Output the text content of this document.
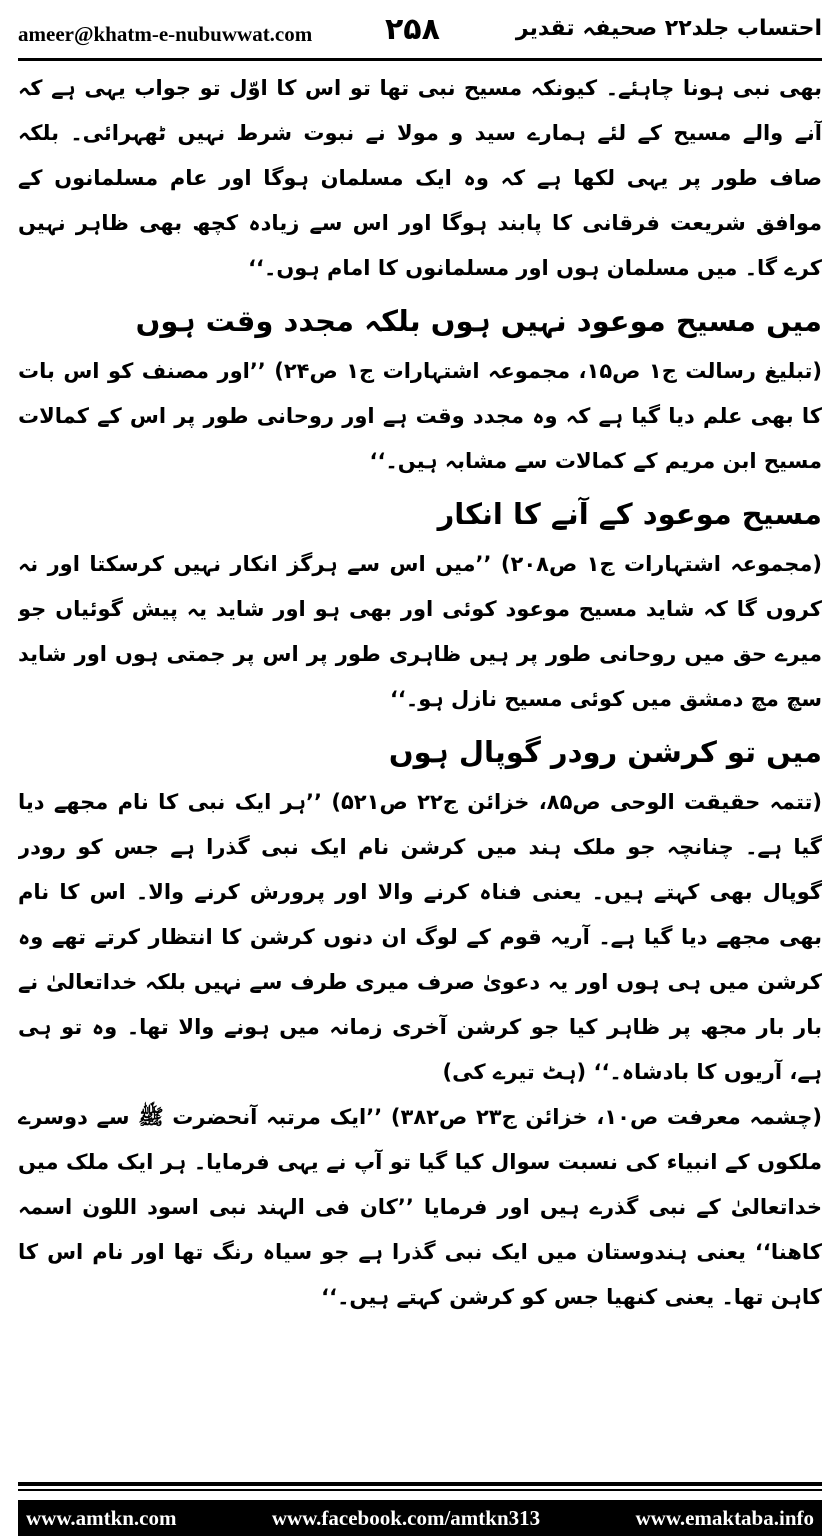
ameer@khatm-e-nubuwwat.com ۲۵۸	احتساب جلد۲۲ صحیفہ تقدیر

بھی نبی ہونا چاہئے۔ کیونکہ مسیح نبی تھا تو اس کا اوّل تو جواب یہی ہے کہ آنے والے مسیح کے لئے ہمارے سید و مولا نے نبوت شرط نہیں ٹھہرائی۔ بلکہ صاف طور پر یہی لکھا ہے کہ وہ ایک مسلمان ہوگا اور عام مسلمانوں کے موافق شریعت فرقانی کا پابند ہوگا اور اس سے زیادہ کچھ بھی ظاہر نہیں کرے گا۔ میں مسلمان ہوں اور مسلمانوں کا امام ہوں۔‘‘

میں مسیح موعود نہیں ہوں بلکہ مجدد وقت ہوں

(تبلیغ رسالت ج۱ ص۱۵، مجموعہ اشتہارات ج۱ ص۲۴) ’’اور مصنف کو اس بات کا بھی علم دیا گیا ہے کہ وہ مجدد وقت ہے اور روحانی طور پر اس کے کمالات مسیح ابن مریم کے کمالات سے مشابہ ہیں۔‘‘

مسیح موعود کے آنے کا انکار

(مجموعہ اشتہارات ج۱ ص۲۰۸) ’’میں اس سے ہرگز انکار نہیں کرسکتا اور نہ کروں گا کہ شاید مسیح موعود کوئی اور بھی ہو اور شاید یہ پیش گوئیاں جو میرے حق میں روحانی طور پر ہیں ظاہری طور پر اس پر جمتی ہوں اور شاید سچ مچ دمشق میں کوئی مسیح نازل ہو۔‘‘

میں تو کرشن رودر گوپال ہوں

(تتمہ حقیقت الوحی ص۸۵، خزائن ج۲۲ ص۵۲۱) ’’ہر ایک نبی کا نام مجھے دیا گیا ہے۔ چنانچہ جو ملک ہند میں کرشن نام ایک نبی گذرا ہے جس کو رودر گوپال بھی کہتے ہیں۔ یعنی فناہ کرنے والا اور پرورش کرنے والا۔ اس کا نام بھی مجھے دیا گیا ہے۔ آریہ قوم کے لوگ ان دنوں کرشن کا انتظار کرتے تھے وہ کرشن میں ہی ہوں اور یہ دعویٰ صرف میری طرف سے نہیں بلکہ خداتعالیٰ نے بار بار مجھ پر ظاہر کیا جو کرشن آخری زمانہ میں ہونے والا تھا۔ وہ تو ہی ہے، آریوں کا بادشاہ۔‘‘ (ہٹ تیرے کی)

(چشمہ معرفت ص۱۰، خزائن ج۲۳ ص۳۸۲) ’’ایک مرتبہ آنحضرت ﷺ سے دوسرے ملکوں کے انبیاء کی نسبت سوال کیا گیا تو آپ نے یہی فرمایا۔ ہر ایک ملک میں خداتعالیٰ کے نبی گذرے ہیں اور فرمایا ’’کان فی الہند نبی اسود اللون اسمہ کاھنا‘‘ یعنی ہندوستان میں ایک نبی گذرا ہے جو سیاہ رنگ تھا اور نام اس کا کاہن تھا۔ یعنی کنھیا جس کو کرشن کہتے ہیں۔‘‘

www.amtkn.com	www.facebook.com/amtkn313	www.emaktaba.info
